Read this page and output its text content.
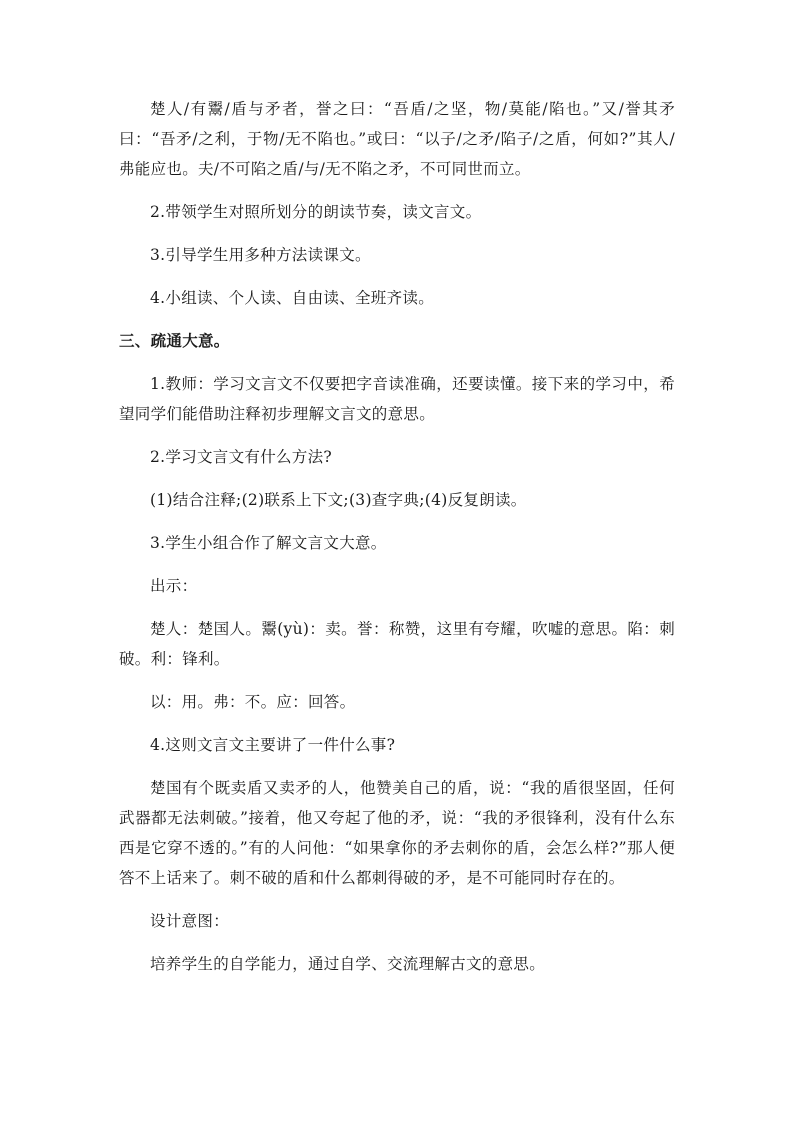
楚人/有鬻/盾与矛者，誉之曰：“吾盾/之坚，物/莫能/陷也。”又/誉其矛曰：“吾矛/之利，于物/无不陷也。”或曰：“以子/之矛/陷子/之盾，何如?”其人/弗能应也。夫/不可陷之盾/与/无不陷之矛，不可同世而立。

2.带领学生对照所划分的朗读节奏，读文言文。

3.引导学生用多种方法读课文。

4.小组读、个人读、自由读、全班齐读。

三、疏通大意。

1.教师：学习文言文不仅要把字音读准确，还要读懂。接下来的学习中，希望同学们能借助注释初步理解文言文的意思。

2.学习文言文有什么方法?

(1)结合注释;(2)联系上下文;(3)查字典;(4)反复朗读。

3.学生小组合作了解文言文大意。

出示：

楚人：楚国人。鬻(yù)：卖。誉：称赞，这里有夸耀，吹嘘的意思。陷：刺破。利：锋利。

以：用。弗：不。应：回答。

4.这则文言文主要讲了一件什么事?

楚国有个既卖盾又卖矛的人，他赞美自己的盾，说：“我的盾很坚固，任何武器都无法刺破。”接着，他又夸起了他的矛，说：“我的矛很锋利，没有什么东西是它穿不透的。”有的人问他：“如果拿你的矛去刺你的盾，会怎么样?”那人便答不上话来了。刺不破的盾和什么都刺得破的矛，是不可能同时存在的。

设计意图：

培养学生的自学能力，通过自学、交流理解古文的意思。
